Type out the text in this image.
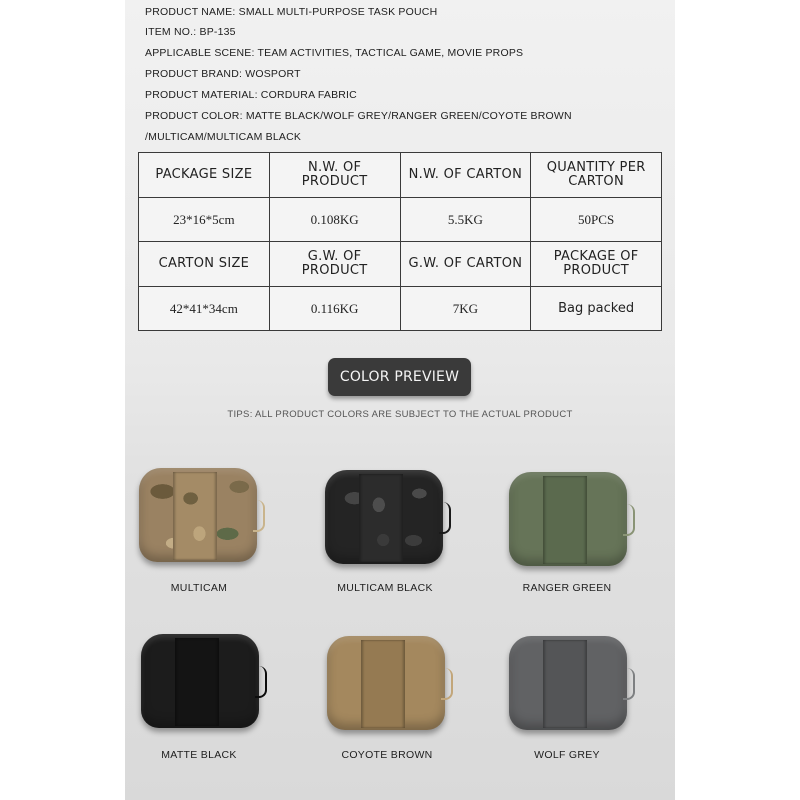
PRODUCT NAME: SMALL MULTI-PURPOSE TASK POUCH
ITEM NO.: BP-135
APPLICABLE SCENE: TEAM ACTIVITIES, TACTICAL GAME, MOVIE PROPS
PRODUCT BRAND: WOSPORT
PRODUCT MATERIAL: CORDURA FABRIC
PRODUCT COLOR: MATTE BLACK/WOLF GREY/RANGER GREEN/COYOTE BROWN
/MULTICAM/MULTICAM BLACK
PACKAGE SIZE	N.W. OF PRODUCT	N.W. OF CARTON	QUANTITY PER CARTON
23*16*5cm	0.108KG	5.5KG	50PCS
CARTON SIZE	G.W. OF PRODUCT	G.W. OF CARTON	PACKAGE OF PRODUCT
42*41*34cm	0.116KG	7KG	Bag packed
COLOR PREVIEW
TIPS: ALL PRODUCT COLORS ARE SUBJECT TO THE ACTUAL PRODUCT
MULTICAM	MULTICAM BLACK	RANGER GREEN
MATTE BLACK	COYOTE BROWN	WOLF GREY
